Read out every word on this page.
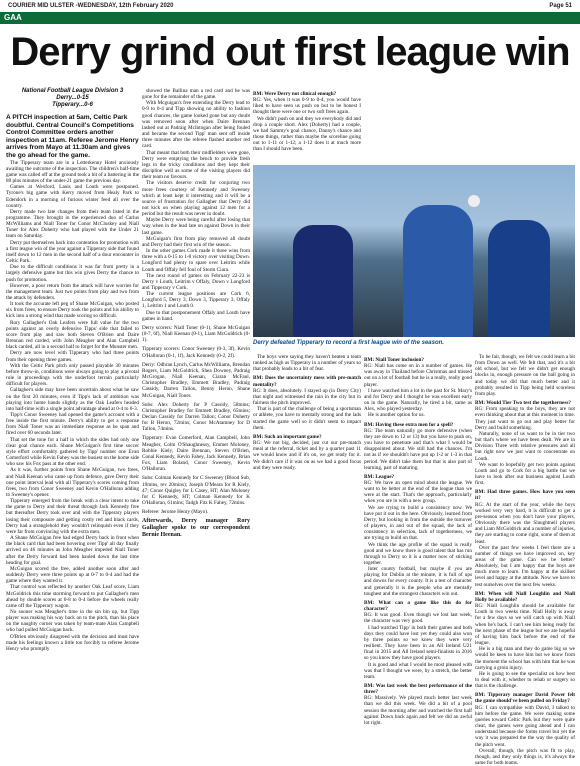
COURIER MID ULSTER -WEDNESDAY, 12th February 2020	Page 51
GAA
Derry grind out first league win
National Football League Division 3
Derry...0-15
Tipperary...0-6

A PITCH inspection at 5am, Celtic Park doubtful. Central Council's Competitions Control Committee orders another inspection at 11am. Referee Jerome Henry arrives from Mayo at 11.30am and gives the go ahead for the game.

The Tipperary team are in a Letterkenny Hotel anxiously awaiting the outcome of the inspection. The children's half-time game was called off at the ground took a bit of a battering in the 80 plus minutes of the under-21 game the previous day.

Games at Wexford, Laois and Louth were postponed. Tyrone's big game with Kerry moved from Healy Park to Edendork in a morning of furious winter feed all over the country.

Derry made two late changes from their team listed in the programme. They brought in the experienced duo of Carlus McWilliams and Niall Toner for Conor McCluskey and Niall Toner for Alex Doherty who had played with the Under 21 team on Saturday.

Derry put themselves back into contention for promotion with a first league win of the year against a Tipperary side that found itself down to 12 men in the second half of a dour encounter in Celtic Park.

Due to the difficult conditions it was far from pretty in a largely defensive game but this win gives Derry the chance to push for promotion.

However, a poor return from the attack will have worries for the management team. Just two points from play and two from the attack by defenders.

It took the accurate left peg of Shane McGuigan, who posted six from frees, to ensure Derry took the points and his ability to kick into a strong wind that made scoring so difficult.

Rory Gallagher's Oak Leafers were full value for the two points against an overly defensive Tipps' side that failed to score from play and saw both Steven O'Brien and Daire Brennan red carded, with John Meagher and Alan Campbell black carded, all in a second half to forget for the Munster men.

Derry are now level with Tipperary who had three points from their opening three games.

With the Celtic Park pitch only passed playable 30 minutes before throw-in, conditions were always going to play a pivotal role in proceedings with the underfoot terrain particularly difficult for players.

Gallagher's side may have been uncertain about what he saw on the first 20 minutes, even if Tipp's lack of ambition was playing into home hands slightly as the Oak Leafers headed into half-time with a single point advantage ahead at 0-4 to 0-3.

Tipp's Conor Sweeney had opened the game's account with a free inside the first minute. Derry's ability to get a response from Niall Toner was an immediate response as he span and fired over 60 seconds later.

That set the tone for a half in which the sides had only one clear goal chance each. Shane McGuigan's first time soccer style effort comfortably gathered by Tipp' number one Evan Comerford while Kevin Fahey was the busiest on the home side who saw his Fox pass at the other end.

As it was, further points from Shane McGuigan, two frees, and Niall Keenan who came up from defence, gave Derry their one point interval lead with all Tipperary's scores coming from frees, two from Conor Sweeney and Kevin O'Halloran adding to Sweeney's opener.

Tipperary emerged from the break with a clear intent to take the game to Derry and their threat through Jack Kennedy free but thereafter Derry took over and with the Tipperary players losing their composure and getting costly red and black cards, Derry had a stranglehold they wouldn't relinquish even if they were far from convincing with the extra men.

A Shane McGuigan free had edged Derry back in front when the black card that had been hovering over Tipp' all day finally arrived on 46 minutes as John Meagher impeded Niall Toner after the Derry forward had been hauled down the last time heading for goal.

McGuigan scored the free, added another soon after and suddenly Derry were three points up at 0-7 to 0-4 and had the game where they wanted it.

That control was reflected by another Oak Leaf score, Liam McGoldrick this time storming forward to put Gallagher's men ahead by double scores at 0-8 to 0-4 before the wheels really came off the Tipperary wagon.

No sooner was Meagher's time in the sin bin up, but Tipp player was making his way back on to the pitch, than his place on the naughty corner was taken by team-mate Alan Campbell who had pulled McGuigan back.

O'Brien obviously disagreed with the decision and must have made his feelings known a little too forcibly to referee Jerome Henry who promptly

showed the Ballina man a red card and he was gone for the remainder of the game.

With Mcguigan's free extending the Derry lead to 0-9 to 0-4 and Tipp showing no ability to fashion good chances, the game looked gone but any doubt was removed soon after when Daire Brennan lashed out at Padraig McIntogan after being fouled and became the second Tipp' man sent off inside three minutes after the referee flashed another red card.

That meant that both their midfielders were gone, Derry were emptying the bench to provide fresh legs in the tricky conditions and they kept their discipline well as some of the visiting players did their team no favours.

The visitors deserve credit for conjuring two more frees courtesy of Kennedy and Sweeney which at least kept it interesting and it will be a source of frustration for Gallagher that Derry did not kick on when playing against 12 men for a period but the result was never in doubt.

Maybe Derry were being careful after losing that way when in the lead late on against Down in their last game.

McGuigan's first from play removed all doubt and Derry had their first win of the season.

In the other games Cork made it three wins from three with a 0-15 to 1-8 victory over visiting Down. Longford had plenty to spare over Leitrim while Louth and Offaly fell foul of Storm Ciara.

The next round of games on February 22-23 is Derry v Louth, Leitrim v Offaly, Down v Longford and Tipperary v Cork.

The current league positions are Cork 6, Longford 5, Derry 3, Down 3, Tipperary 3, Offaly 1, Leitrim 1 and Louth 0.

Due to that postponement Offaly and Louth have games in hand.

Derry scorers: Niall Toner (0-1), Shane McGuigan (0-7, 6f), Niall Keenan (0-1), Liam McGoldrick (0-1).

Tipperary scorers: Conor Sweeney (0-3, 3f), Kevin O'Halloran (0-1, 1f), Jack Kennedy (0-2, 2f).

Derry: Odhran Lynch, Carlus McWilliams, Brendan Rogers, Liam McGoldrick, Shea Downey, Padraig McGrogan, Niall Keenan, Ciaran McFaul, Christopher Bradley, Emmett Bradley, Padraig Cassidy, Darren Tallon, Benny Heron, Shane McGuigan, Niall Toner.

Subs: Alex Doherty for P Cassidy, 58mins; Christopher Bradley for Emmett Bradley, 65mins; Declan Cassidy for Darren Tallon; Conor Doherty for B Heron, 72mins; Conor McAtamney for D Tallon, 74mins.

Tipperary: Evan Comerford, Alan Campbell, John Meagher, Colm O'Shaughnessy, Emmet Moloney, Robbie Kiely, Daire Brennan, Steven O'Brien, Conal Kennedy, Kevin Fahey, Jack Kennedy, Brian Fox, Liam Boland, Conor Sweeney, Kevin O'Halloran.

Subs: Colman Kennedy for C Sweeney (Blood Sub, 19mins, rev 20mins); Joseph O'Meara for R Kiely, 47; Conor Quigley for L Casey, HT; Alan Moloney for C Kennedy, HT; Colman Kennedy for K O'Halloran, 61mins; Tadgh Fitz K Fahey, 72mins.

Referee: Jerome Henry (Mayo).

Afterwards, Derry manager Rory Gallagher spoke to our correspondent Bernie Heenan.

BM: Were Derry not clinical enough?

RG: Yes, when it was 0-9 to 0-4, you would have liked to have seen us push on but to be honest I thought there were one or two soft frees again.

We didn't push on and they we everybody did and drop a couple short. Alex (Doherty) had a couple, we had Sammy's goal chance, Danny's chance and those things, rather than maybe the scoreline going out to 1-11 or 1-12; a 1-12 does it at much more than I should have been.

Derry defeated Tipperary to record a first league win of the season.

The boys were saying they haven't beaten a team ranked as high as Tipperary in a number of years so that probably leads to a bit of fear.

BM: Does the uncertainty mess with pre-match mentality?

RG: It does, absolutely. I stayed up (in Derry City) that night and witnessed the rain in the city but in fairness the pitch improved.

That is part of the challenge of being a sportsman or athlete, you have to mentally strong and the lads started the game well so it didn't seem to impact them.

BM: Such an important game?

RG: We not big, decided, just cut our pre-match meal at the referral, ticket and by a quarter past 11 we would know and if it's on, we get ready for it. We didn't care if it was on as we had a good focus and they were ready.

BM: Niall Toner inclusion?

RG: Niall has come on in a number of games. He was away in Thailand before Christmas and missed out on a lot of football but he is a really, really good player.

I have watched him a lot in the past for St. Mary's and for Derry and I thought he was excellent early on in the game. Naturally, he tired a bit, same as Alex, who played yesterday.

He is another option for us.

BM: Having these extra men for a spell?

RG: The team naturally go more defensive (when they are down to 12 or 13) but you have to push on, you have to penetrate and that's what I would be disappointed about. We still had the chances. I'm not as if we shouldn't have put up 1-2 or 1-3 in that period. We didn't take them but that is also part of learning, part of maturing.

BM: League?

RG: We have an open mind about the league. We want to be better at the end of the league than we were at the start. That's the approach, particularly when you are in with a new group.

We are trying to build a consistency now. We have put it out in the here. Obviously, learned from Derry, but looking in from the outside the turnover of players, in and out of the squad, the lack of consistency in selection, lack of togetherness, we are trying to build on that.

We think the age profile of the squad is really good and we know there is good talent that has run through to Derry so it is a matter now of sticking together.

Inter county football, but maybe if you are playing for Dublin at the minute, it is full of ups and downs for every county. It is a test of character and generally it is the people who are mentally toughest and the strongest characters win out.

BM: What can a game like this do for character?

RG: It was good. Even though we lost last week, the character was very good.

I had watched Tipp' in both their games and both days they could have lost yet they could also won by three points so we knew they were very resilient. They have been in an All Ireland U21 final in 2015 and All Ireland semi-finalists in 2016 so you know they have good players.

It is good and what I would be most pleased with was that I thought we were, by a stretch, the better team.

BM: Was last week the best performance of the three?

RG: Massively. We played much better last week than we did this week. We did a bit of a pool session the morning after and watched the first half against Down back again and felt we did an awful lot right.

To be fair, though, we felt we could learn a bit from Down as well. We felt that, and it's a bit old school, but we felt we didn't get enough blocks in, enough pressure on the ball going in and today we did that much better and it probably resulted in Tipp being held scoreless from play.

BM: Would Tier Two test the togetherness?

RG: From speaking to the boys, they are not even thinking about that at this moment in time. They just want to go out and play better for Derry and build something.

Naturally, none of us want to be in tier two but that's where we have been dealt. We are in Division Three with relative pressures and all but right now we just want to concentrate on Louth.

We want to hopefully get two points against Louth and go to Cork for a big battle but we have to look after our business against Louth first.

BM: Had three games. How have you seen it?

RG: At the start of the year, while the boys worked very very hard, it is difficult to get a pre-season when you don't have your players. Obviously there was the Slaughtneil players and Liam McGoldrick and a number of injuries, they are starting to come right, some of them at least.

Over the past few weeks I feel there are a number of things we have improved on, key areas of the game. Can we be better? Absolutely, but I am happy that the boys are much more to learn. I'm happy at the skillset level and happy at the attitude. Now we have to test ourselves over the next few weeks.

BM: When will Niall Loughlin and Niall Holly be available?

RG: Niall Loughlin should be available for Louth in two weeks time. Niall Holly is away for a few days so we will catch up with Niall when he's back. I can't see him being ready for the next phase of the league but we are hopeful of having him back before the end of the league.

He is a big man and they do game big so we would be keen to have him but we know from the moment the school has with him that he was carrying a groin injury.

He is going to see the specialist on how best to deal with it, whether to rehab or surgery so that is the challenge.

BM: Tipperary manager David Power felt the game should've been pulled on Friday?

RG: I can sympathise with David, I talked to him before the game. We were making some queries toward Celtic Park but they were quite clear, the games were going ahead and I can understand because the forms travel but yet the way it was prepared the the way the quality of the pitch went.

Overall, though, the pitch was fit to play, though, and they only things is, it's always the same for both teams.
